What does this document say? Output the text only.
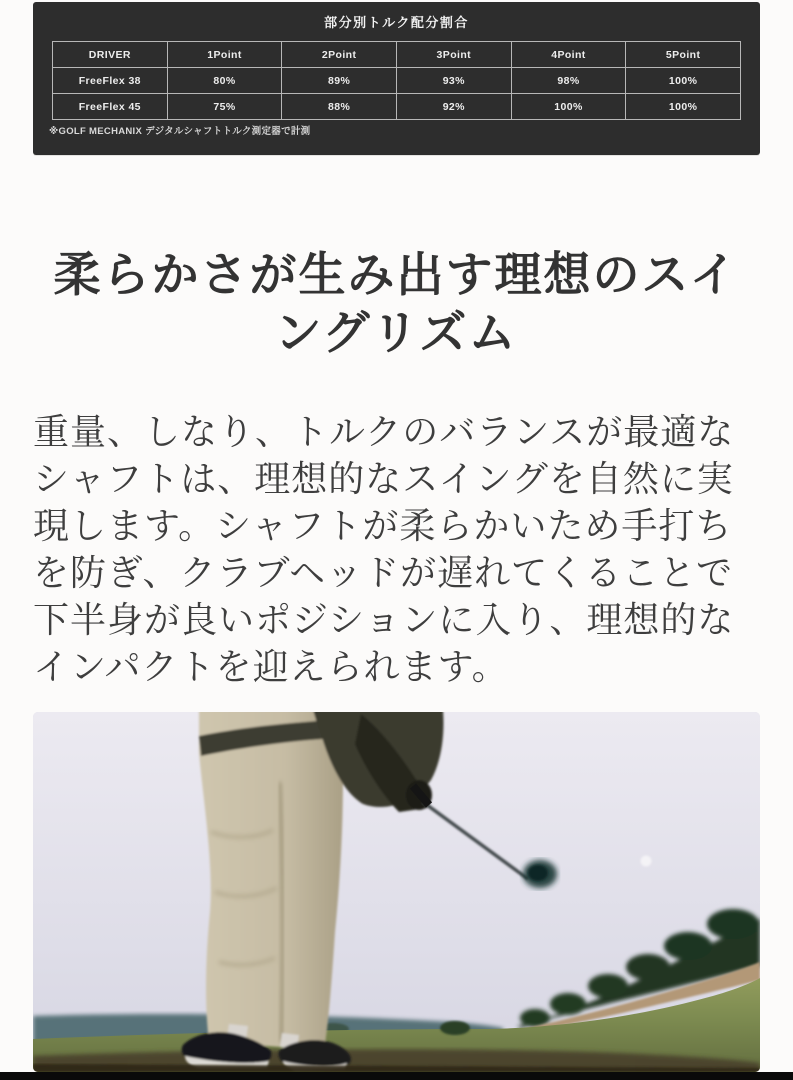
部分別トルク配分割合
DRIVER	1Point	2Point	3Point	4Point	5Point
FreeFlex 38	80%	89%	93%	98%	100%
FreeFlex 45	75%	88%	92%	100%	100%
※GOLF MECHANIX デジタルシャフトトルク測定器で計測
柔らかさが生み出す理想のスイングリズム

重量、しなり、トルクのバランスが最適なシャフトは、理想的なスイングを自然に実現します。シャフトが柔らかいため手打ちを防ぎ、クラブヘッドが遅れてくることで下半身が良いポジションに入り、理想的なインパクトを迎えられます。
